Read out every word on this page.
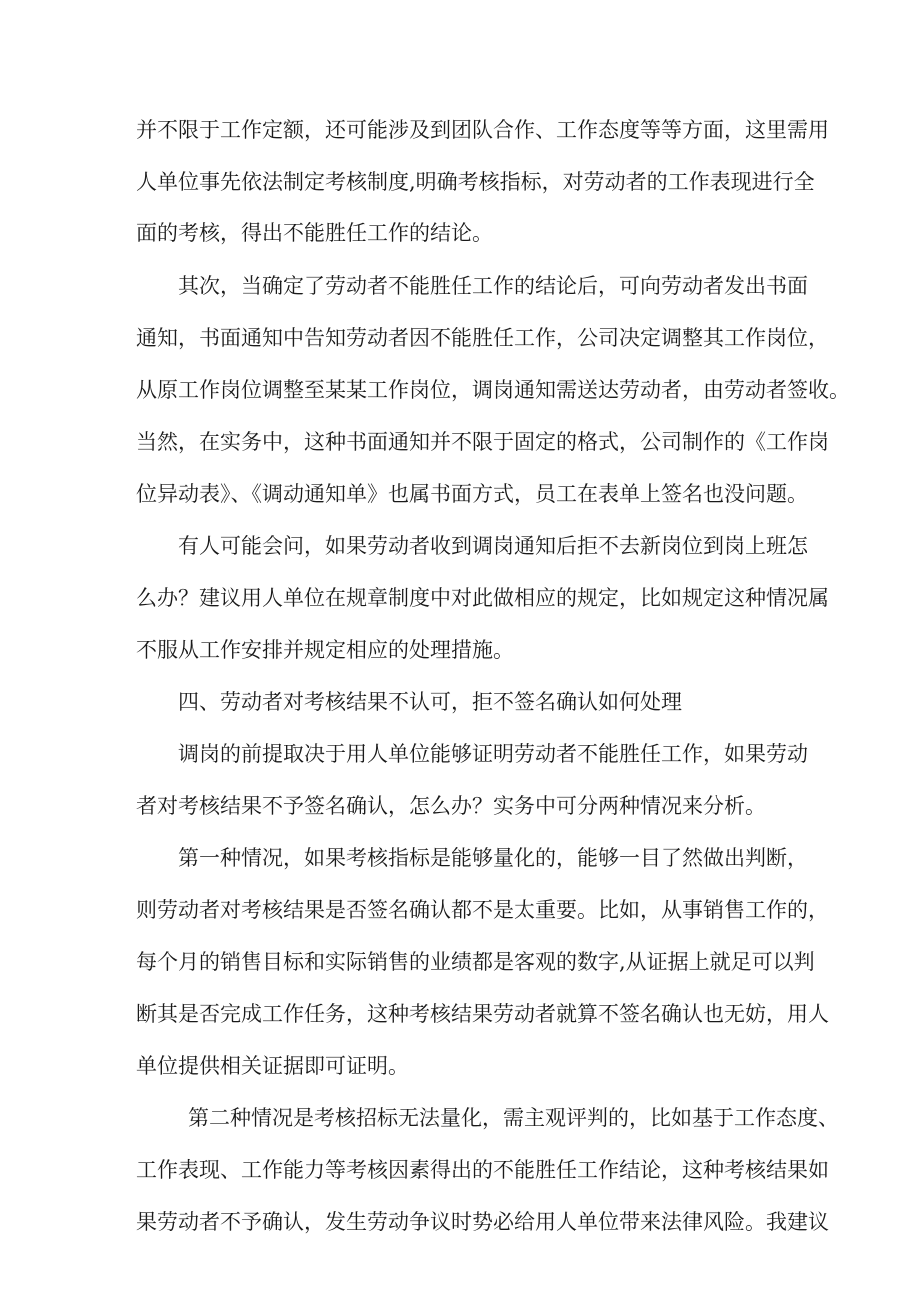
并不限于工作定额，还可能涉及到团队合作、工作态度等等方面，这里需用
人单位事先依法制定考核制度,明确考核指标，对劳动者的工作表现进行全
面的考核，得出不能胜任工作的结论。
其次，当确定了劳动者不能胜任工作的结论后，可向劳动者发出书面
通知，书面通知中告知劳动者因不能胜任工作，公司决定调整其工作岗位，
从原工作岗位调整至某某工作岗位，调岗通知需送达劳动者，由劳动者签收。
当然，在实务中，这种书面通知并不限于固定的格式，公司制作的《工作岗
位异动表》、《调动通知单》也属书面方式，员工在表单上签名也没问题。
有人可能会问，如果劳动者收到调岗通知后拒不去新岗位到岗上班怎
么办？建议用人单位在规章制度中对此做相应的规定，比如规定这种情况属
不服从工作安排并规定相应的处理措施。
四、劳动者对考核结果不认可，拒不签名确认如何处理
调岗的前提取决于用人单位能够证明劳动者不能胜任工作，如果劳动
者对考核结果不予签名确认，怎么办？实务中可分两种情况来分析。
第一种情况，如果考核指标是能够量化的，能够一目了然做出判断，
则劳动者对考核结果是否签名确认都不是太重要。比如，从事销售工作的，
每个月的销售目标和实际销售的业绩都是客观的数字,从证据上就足可以判
断其是否完成工作任务，这种考核结果劳动者就算不签名确认也无妨，用人
单位提供相关证据即可证明。
第二种情况是考核招标无法量化，需主观评判的，比如基于工作态度、
工作表现、工作能力等考核因素得出的不能胜任工作结论，这种考核结果如
果劳动者不予确认，发生劳动争议时势必给用人单位带来法律风险。我建议
